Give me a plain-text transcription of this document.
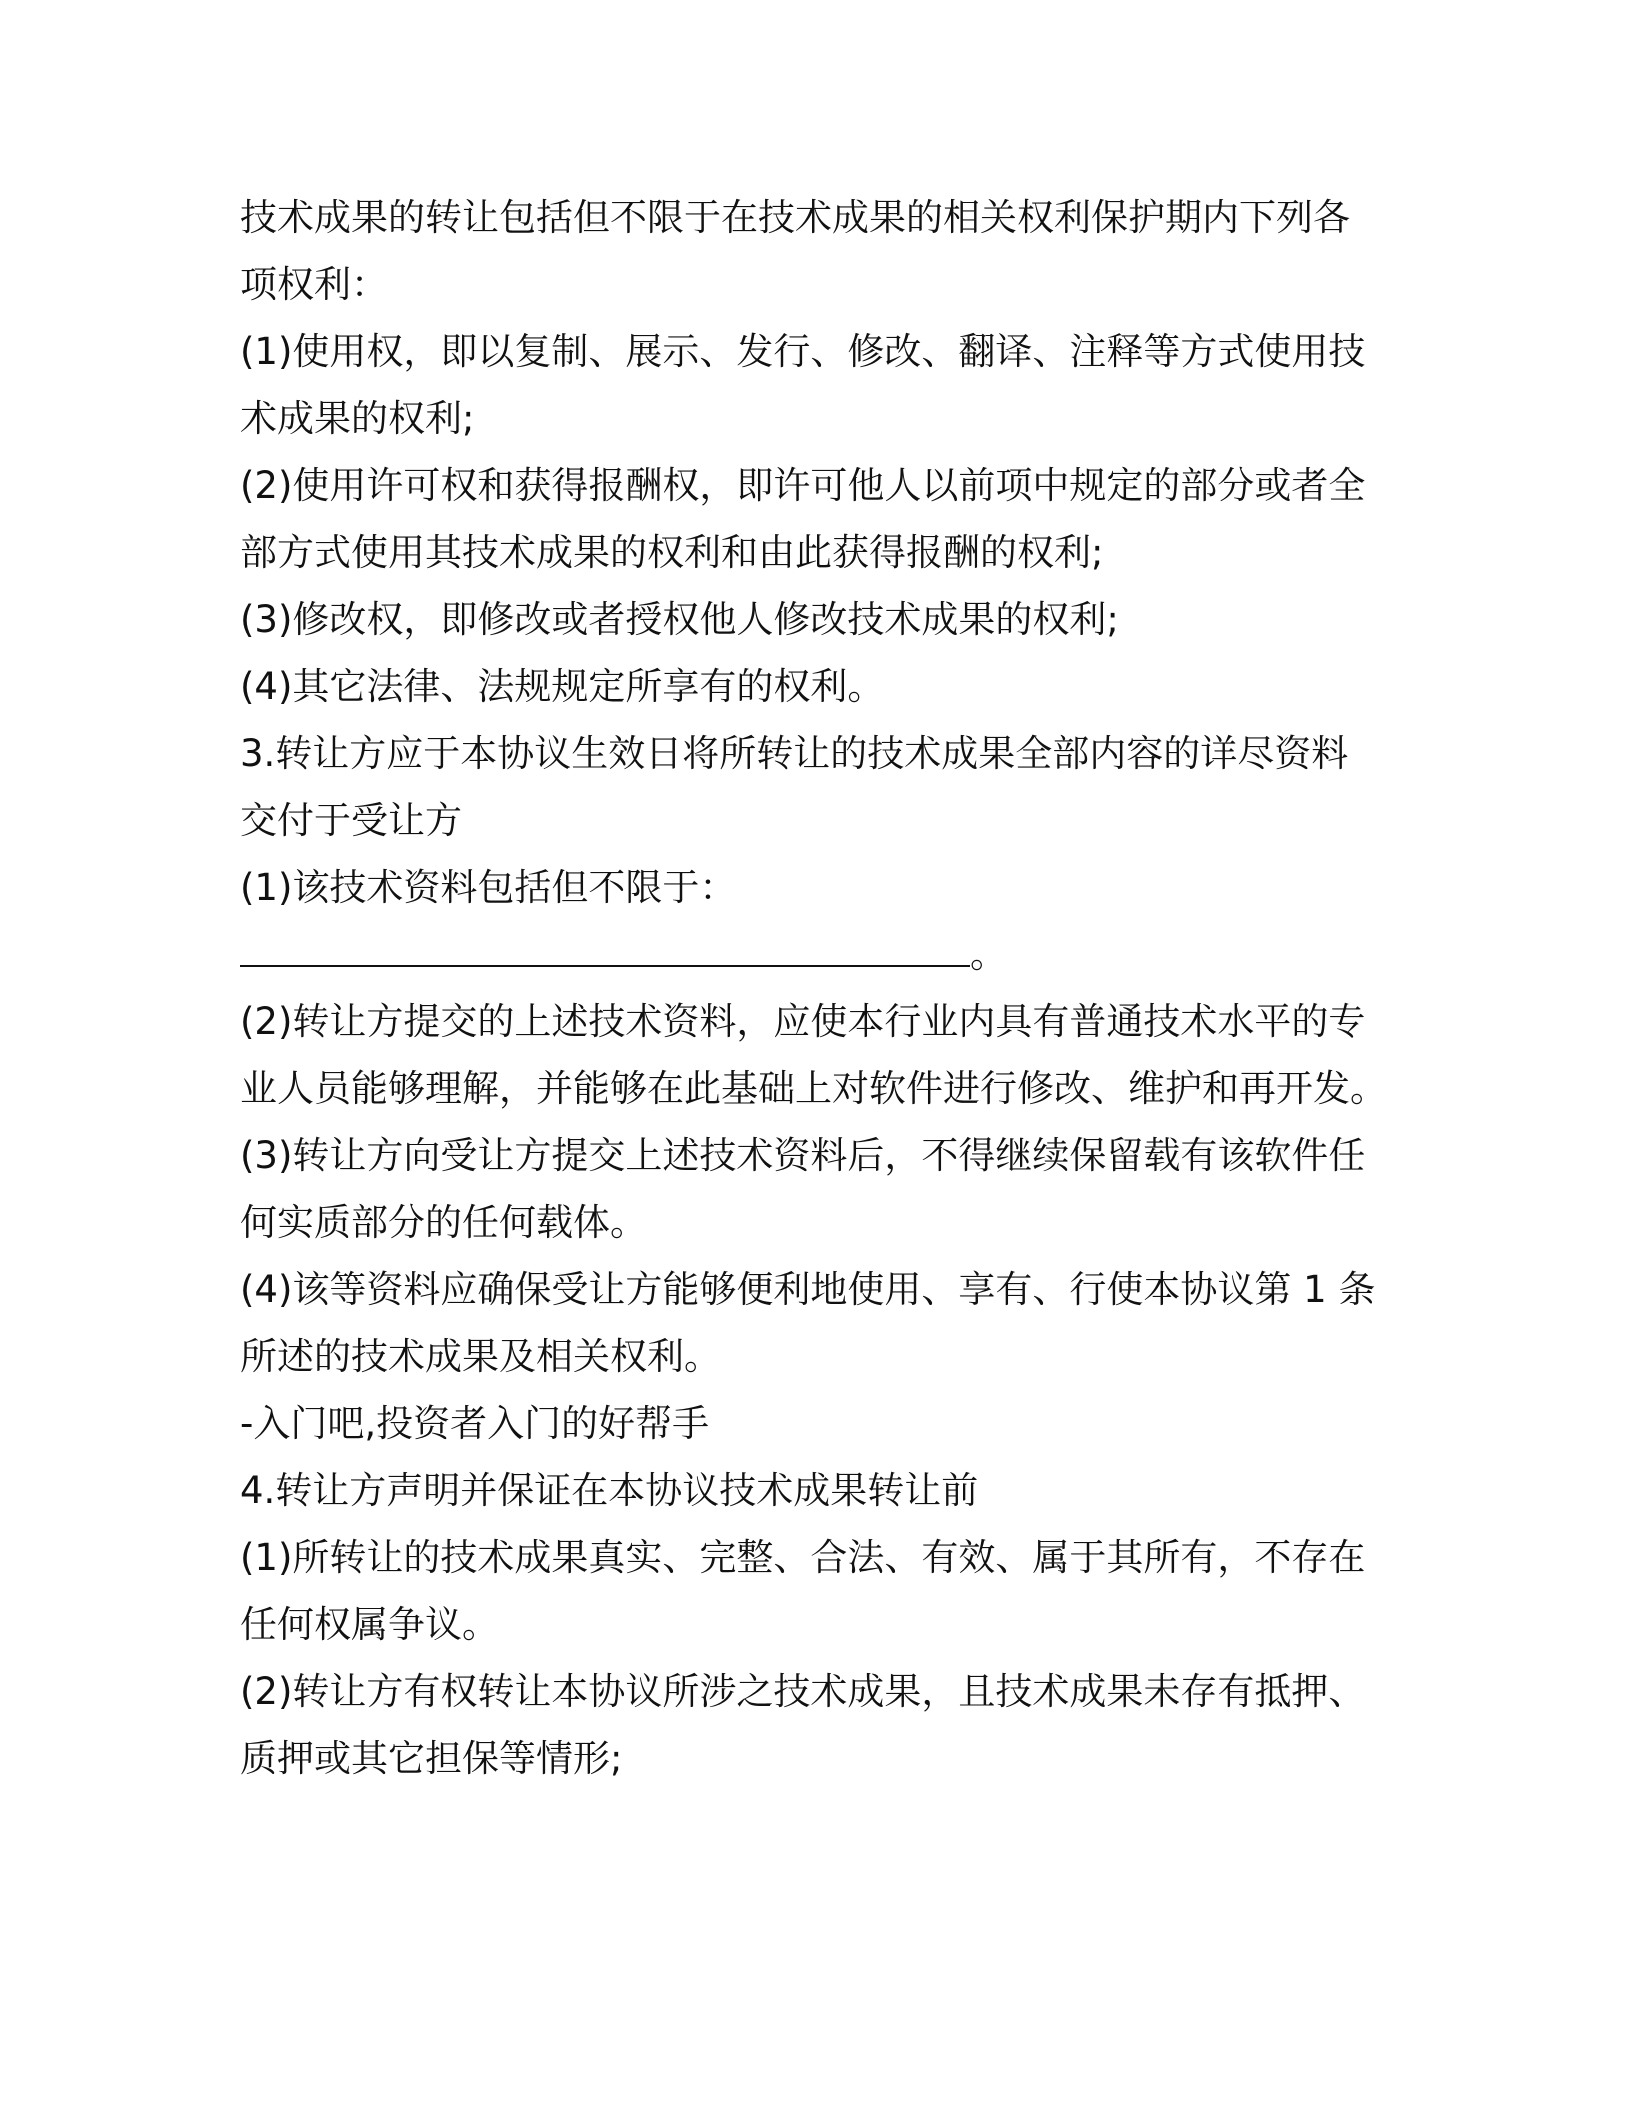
技术成果的转让包括但不限于在技术成果的相关权利保护期内下列各
项权利：
(1)使用权，即以复制、展示、发行、修改、翻译、注释等方式使用技
术成果的权利;
(2)使用许可权和获得报酬权，即许可他人以前项中规定的部分或者全
部方式使用其技术成果的权利和由此获得报酬的权利;
(3)修改权，即修改或者授权他人修改技术成果的权利;
(4)其它法律、法规规定所享有的权利。
3.转让方应于本协议生效日将所转让的技术成果全部内容的详尽资料
交付于受让方
(1)该技术资料包括但不限于：
。
(2)转让方提交的上述技术资料，应使本行业内具有普通技术水平的专
业人员能够理解，并能够在此基础上对软件进行修改、维护和再开发。
(3)转让方向受让方提交上述技术资料后，不得继续保留载有该软件任
何实质部分的任何载体。
(4)该等资料应确保受让方能够便利地使用、享有、行使本协议第 1 条
所述的技术成果及相关权利。
-入门吧,投资者入门的好帮手
4.转让方声明并保证在本协议技术成果转让前
(1)所转让的技术成果真实、完整、合法、有效、属于其所有，不存在
任何权属争议。
(2)转让方有权转让本协议所涉之技术成果，且技术成果未存有抵押、
质押或其它担保等情形;
